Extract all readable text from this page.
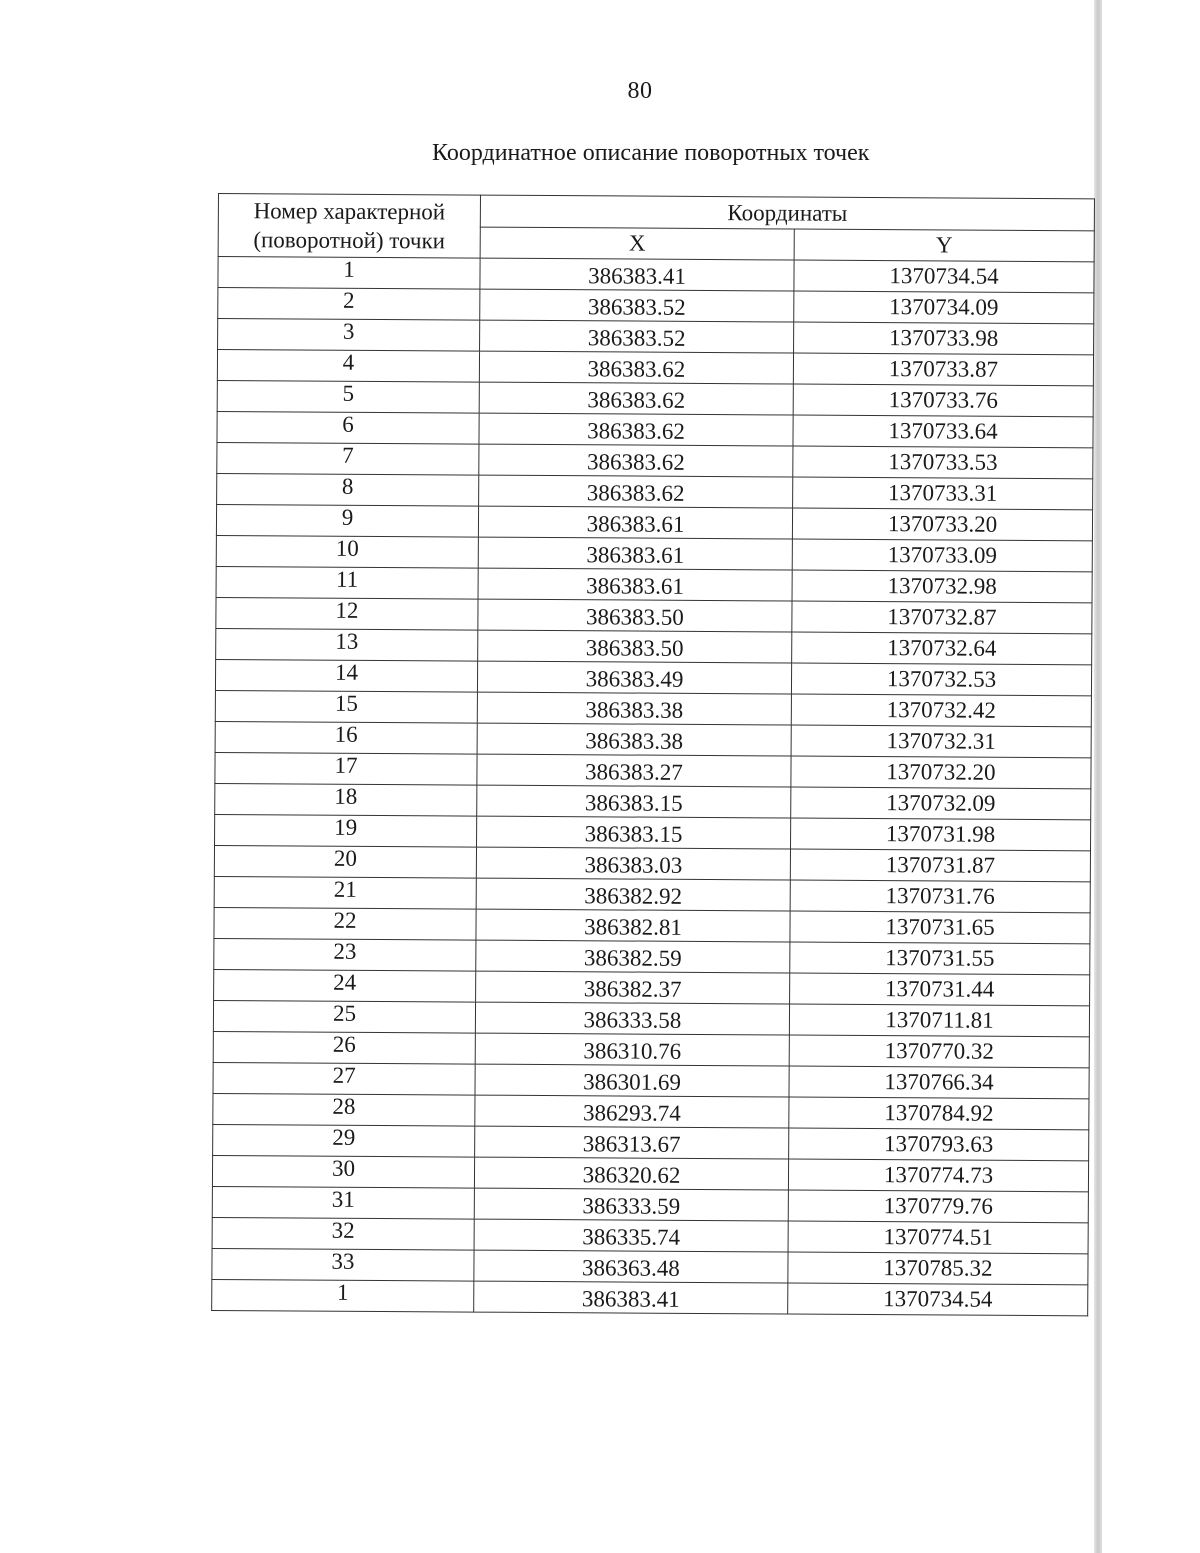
80
Координатное описание поворотных точек
Номер характерной (поворотной) точки	Координаты	
	X	Y
1	386383.41	1370734.54
2	386383.52	1370734.09
3	386383.52	1370733.98
4	386383.62	1370733.87
5	386383.62	1370733.76
6	386383.62	1370733.64
7	386383.62	1370733.53
8	386383.62	1370733.31
9	386383.61	1370733.20
10	386383.61	1370733.09
11	386383.61	1370732.98
12	386383.50	1370732.87
13	386383.50	1370732.64
14	386383.49	1370732.53
15	386383.38	1370732.42
16	386383.38	1370732.31
17	386383.27	1370732.20
18	386383.15	1370732.09
19	386383.15	1370731.98
20	386383.03	1370731.87
21	386382.92	1370731.76
22	386382.81	1370731.65
23	386382.59	1370731.55
24	386382.37	1370731.44
25	386333.58	1370711.81
26	386310.76	1370770.32
27	386301.69	1370766.34
28	386293.74	1370784.92
29	386313.67	1370793.63
30	386320.62	1370774.73
31	386333.59	1370779.76
32	386335.74	1370774.51
33	386363.48	1370785.32
1	386383.41	1370734.54
